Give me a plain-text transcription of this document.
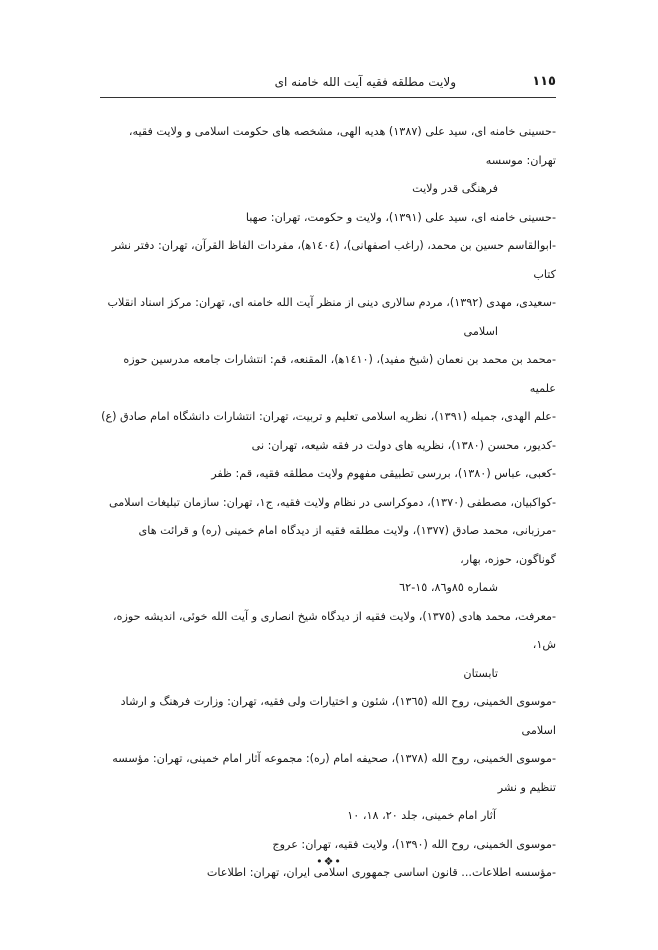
ولایت مطلقه فقیه آیت الله خامنه ای	١١٥
-حسینی خامنه ای، سید علی (١٣٨٧) هدیه الهی، مشخصه های حکومت اسلامی و ولایت فقیه، تهران: موسسه
فرهنگی قدر ولایت
-حسینی خامنه ای، سید علی (١٣٩١)، ولایت و حکومت، تهران: صهبا
-ابوالقاسم حسین بن محمد، (راغب اصفهانی)، (١٤٠٤ﻫ)، مفردات الفاظ القرآن، تهران: دفتر نشر کتاب
-سعیدی، مهدی (١٣٩٢)، مردم سالاری دینی از منظر آیت الله خامنه ای، تهران: مرکز اسناد انقلاب
اسلامی
-محمد بن محمد بن نعمان (شیخ مفید)، (١٤١٠ﻫ)، المقنعه، قم: انتشارات جامعه مدرسین حوزه علمیه
-علم الهدی، جمیله (١٣٩١)، نظریه اسلامی تعلیم و تربیت، تهران: انتشارات دانشگاه امام صادق (ع)
-کدیور، محسن (١٣٨٠)، نظریه های دولت در فقه شیعه، تهران: نی
-کعبی، عباس (١٣٨٠)، بررسی تطبیقی مفهوم ولایت مطلقه فقیه، قم: ظفر
-کواکبیان، مصطفی (١٣٧٠)، دموکراسی در نظام ولایت فقیه، ج١، تهران: سازمان تبلیغات اسلامی
-مرزبانی، محمد صادق (١٣٧٧)، ولایت مطلقه فقیه از دیدگاه امام خمینی (ره) و قرائت های گوناگون، حوزه، بهار،
شماره ٨٥و٨٦، ١٥-٦٢
-معرفت، محمد هادی (١٣٧٥)، ولایت فقیه از دیدگاه شیخ انصاری و آیت الله خوئی، اندیشه حوزه، ش١،
تابستان
-موسوی الخمینی، روح الله (١٣٦٥)، شئون و اختیارات ولی فقیه، تهران: وزارت فرهنگ و ارشاد اسلامی
-موسوی الخمینی، روح الله (١٣٧٨)، صحیفه امام (ره): مجموعه آثار امام خمینی، تهران: مؤسسه تنظیم و نشر
آثار امام خمینی، جلد ٢٠، ١٨، ١٠
-موسوی الخمینی، روح الله (١٣٩٠)، ولایت فقیه، تهران: عروج
-مؤسسه اطلاعات... قانون اساسی جمهوری اسلامی ایران، تهران: اطلاعات
•❖•
